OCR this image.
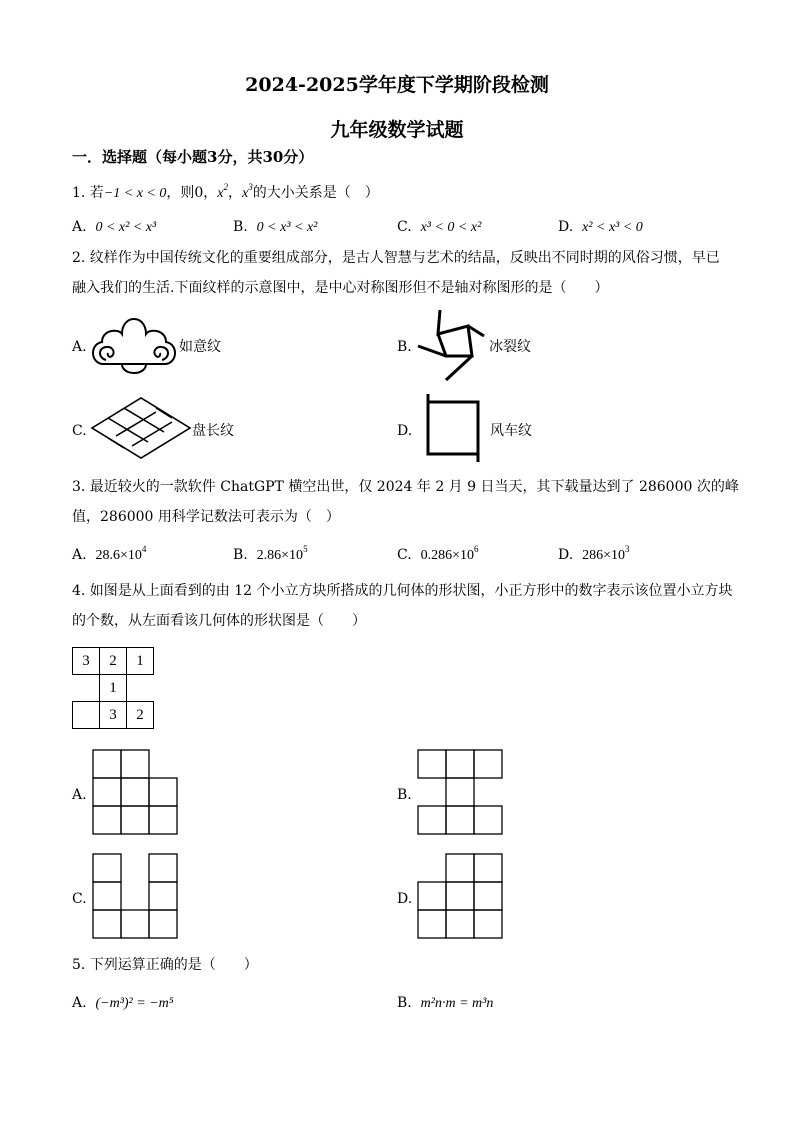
2024-2025学年度下学期阶段检测
九年级数学试题
一．选择题（每小题3分，共30分）
1. 若−1 < x < 0，则0，$x^2$，$x^3$的大小关系是（　）
A. 0 < x² < x³	B. 0 < x³ < x²	C. x³ < 0 < x²	D. x² < x³ < 0
2. 纹样作为中国传统文化的重要组成部分，是古人智慧与艺术的结晶，反映出不同时期的风俗习惯，早已
融入我们的生活.下面纹样的示意图中，是中心对称图形但不是轴对称图形的是（　　）
A.	如意纹	B.	冰裂纹
C.	盘长纹	D.	风车纹
3. 最近较火的一款软件 ChatGPT 横空出世，仅 2024 年 2 月 9 日当天，其下载量达到了 286000 次的峰
值，286000 用科学记数法可表示为（　）
A. $28.6\times 10^4$	B. $2.86\times 10^5$	C. $0.286\times 10^6$	D. $286\times 10^3$
4. 如图是从上面看到的由 12 个小立方块所搭成的几何体的形状图，小正方形中的数字表示该位置小立方块
的个数，从左面看该几何体的形状图是（　　）
3	2	1
	1	
	3	2
A.	B.
C.	D.
5. 下列运算正确的是（　　）
A. (−m³)² = −m⁵	B. m²n·m = m³n
